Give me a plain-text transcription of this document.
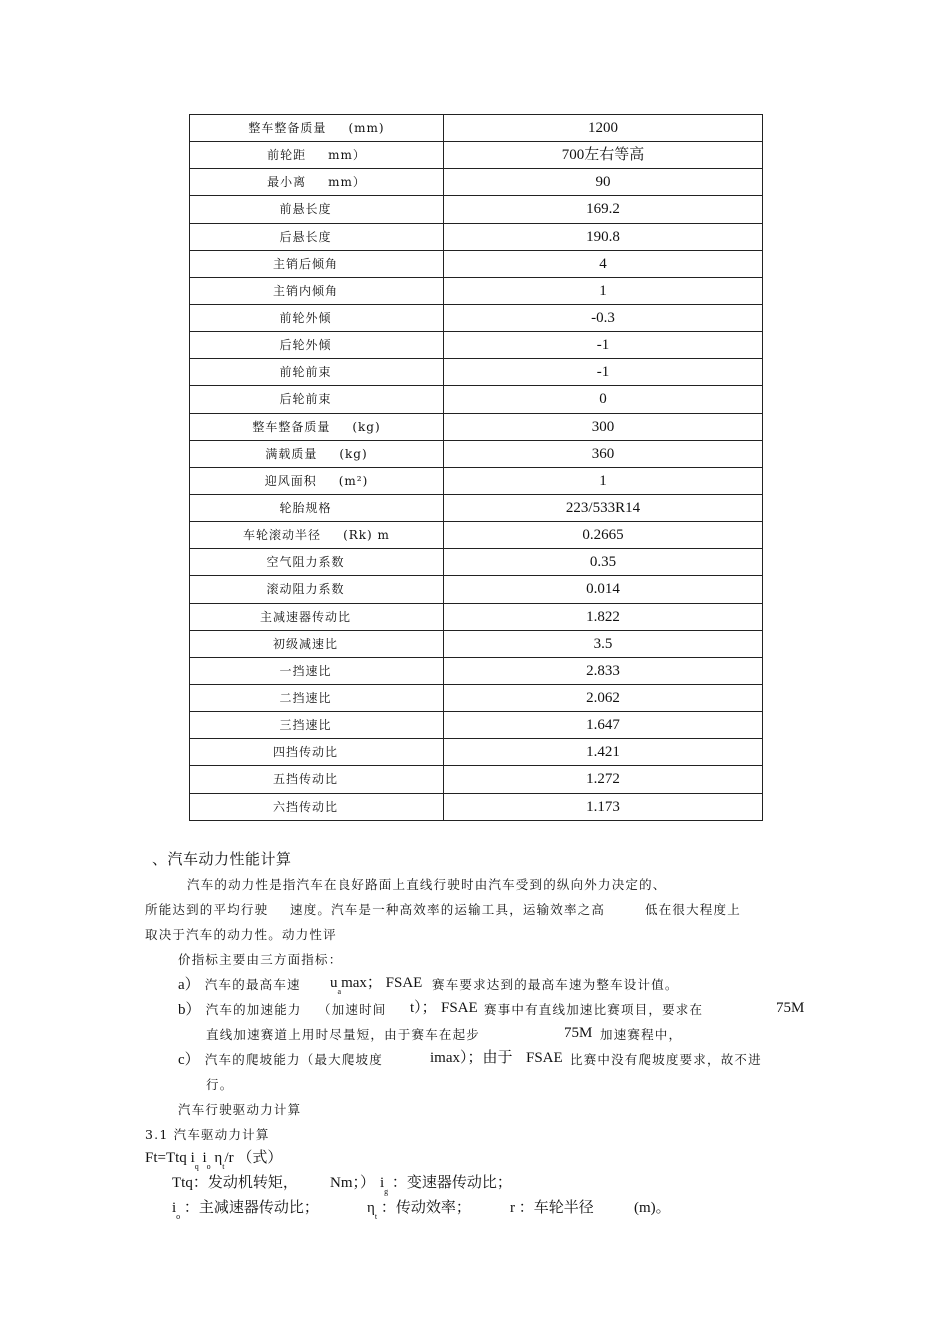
整车整备质量 (mm)	1200
前轮距 mm）	700左右等高
最小离 mm）	90
前悬长度	169.2
后悬长度	190.8
主销后倾角	4
主销内倾角	1
前轮外倾	-0.3
后轮外倾	-1
前轮前束	-1
后轮前束	0
整车整备质量 (kg)	300
满载质量 (kg)	360
迎风面积 (m²)	1
轮胎规格	223/533R14
车轮滚动半径 (Rk) m	0.2665
空气阻力系数	0.35
滚动阻力系数	0.014
主减速器传动比	1.822
初级减速比	3.5
一挡速比	2.833
二挡速比	2.062
三挡速比	1.647
四挡传动比	1.421
五挡传动比	1.272
六挡传动比	1.173
、汽车动力性能计算
汽车的动力性是指汽车在良好路面上直线行驶时由汽车受到的纵向外力决定的、
所能达到的平均行驶 速度。汽车是一种高效率的运输工具，运输效率之高	低在很大程度上
取决于汽车的动力性。动力性评
价指标主要由三方面指标：
a） 汽车的最高车速 $u_a\max$； FSAE 赛车要求达到的最高车速为整车设计值。
b） 汽车的加速能力 （加速时间 t）； FSAE 赛事中有直线加速比赛项目，要求在	75M
直线加速赛道上用时尽量短，由于赛车在起步	75M 加速赛程中，
c） 汽车的爬坡能力（最大爬坡度	imax）；由于 FSAE 比赛中没有爬坡度要求，故不进
行。
汽车行驶驱动力计算
3.1 汽车驱动力计算
Ft=Ttq $i_q$ $i_o$ $\eta_t/r$ （式）
Ttq：发动机转矩， Nm；） $i_g$ ：变速器传动比；
$i_o$ ：主减速器传动比；	$\eta_t$ ：传动效率；	r ：车轮半径	(m)。
